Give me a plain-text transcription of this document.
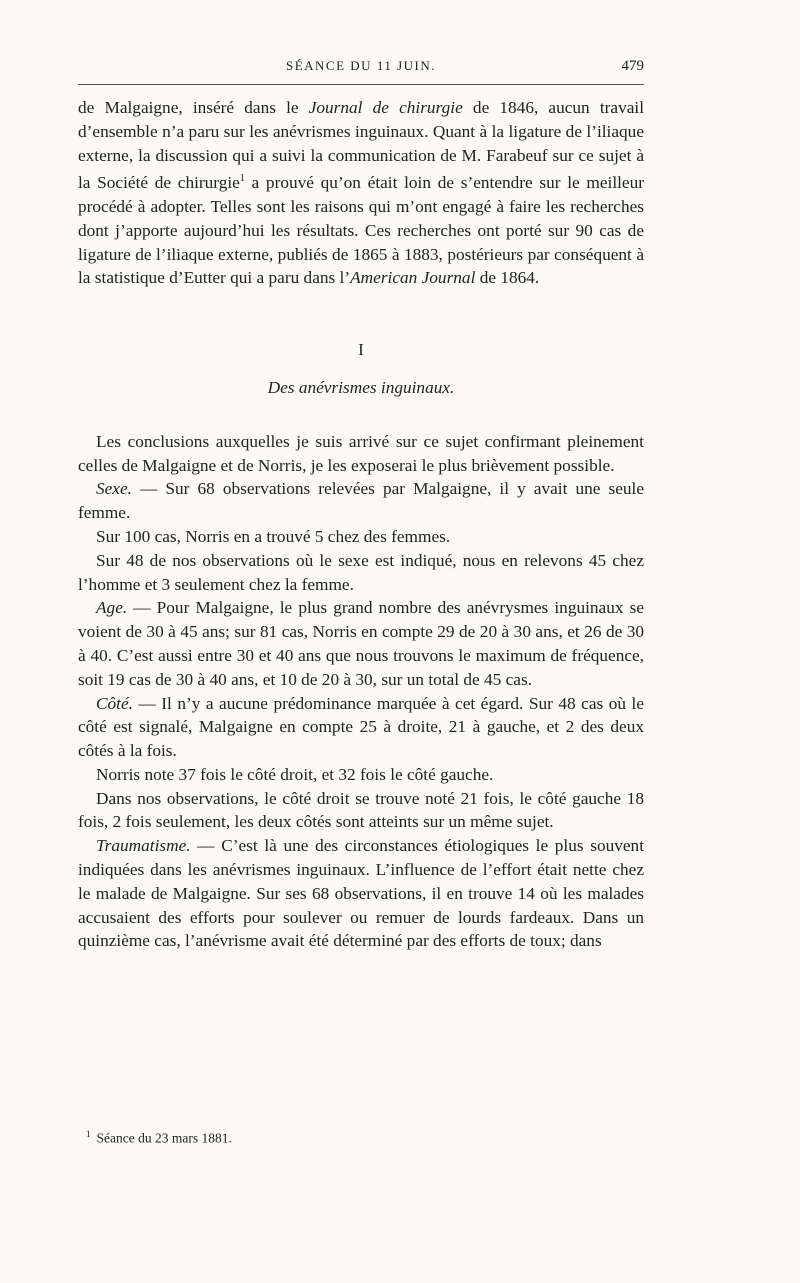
SÉANCE DU 11 JUIN.	479

de Malgaigne, inséré dans le Journal de chirurgie de 1846, aucun travail d’ensemble n’a paru sur les anévrismes inguinaux. Quant à la ligature de l’iliaque externe, la discussion qui a suivi la communication de M. Farabeuf sur ce sujet à la Société de chirurgie$^1$ a prouvé qu’on était loin de s’entendre sur le meilleur procédé à adopter. Telles sont les raisons qui m’ont engagé à faire les recherches dont j’apporte aujourd’hui les résultats. Ces recherches ont porté sur 90 cas de ligature de l’iliaque externe, publiés de 1865 à 1883, postérieurs par conséquent à la statistique d’Eutter qui a paru dans l’American Journal de 1864.

I
Des anévrismes inguinaux.

Les conclusions auxquelles je suis arrivé sur ce sujet confirmant pleinement celles de Malgaigne et de Norris, je les exposerai le plus brièvement possible.

Sexe. — Sur 68 observations relevées par Malgaigne, il y avait une seule femme.

Sur 100 cas, Norris en a trouvé 5 chez des femmes.

Sur 48 de nos observations où le sexe est indiqué, nous en relevons 45 chez l’homme et 3 seulement chez la femme.

Age. — Pour Malgaigne, le plus grand nombre des anévrysmes inguinaux se voient de 30 à 45 ans; sur 81 cas, Norris en compte 29 de 20 à 30 ans, et 26 de 30 à 40. C’est aussi entre 30 et 40 ans que nous trouvons le maximum de fréquence, soit 19 cas de 30 à 40 ans, et 10 de 20 à 30, sur un total de 45 cas.

Côté. — Il n’y a aucune prédominance marquée à cet égard. Sur 48 cas où le côté est signalé, Malgaigne en compte 25 à droite, 21 à gauche, et 2 des deux côtés à la fois.

Norris note 37 fois le côté droit, et 32 fois le côté gauche.

Dans nos observations, le côté droit se trouve noté 21 fois, le côté gauche 18 fois, 2 fois seulement, les deux côtés sont atteints sur un même sujet.

Traumatisme. — C’est là une des circonstances étiologiques le plus souvent indiquées dans les anévrismes inguinaux. L’influence de l’effort était nette chez le malade de Malgaigne. Sur ses 68 observations, il en trouve 14 où les malades accusaient des efforts pour soulever ou remuer de lourds fardeaux. Dans un quinzième cas, l’anévrisme avait été déterminé par des efforts de toux; dans

$^1$ Séance du 23 mars 1881.
